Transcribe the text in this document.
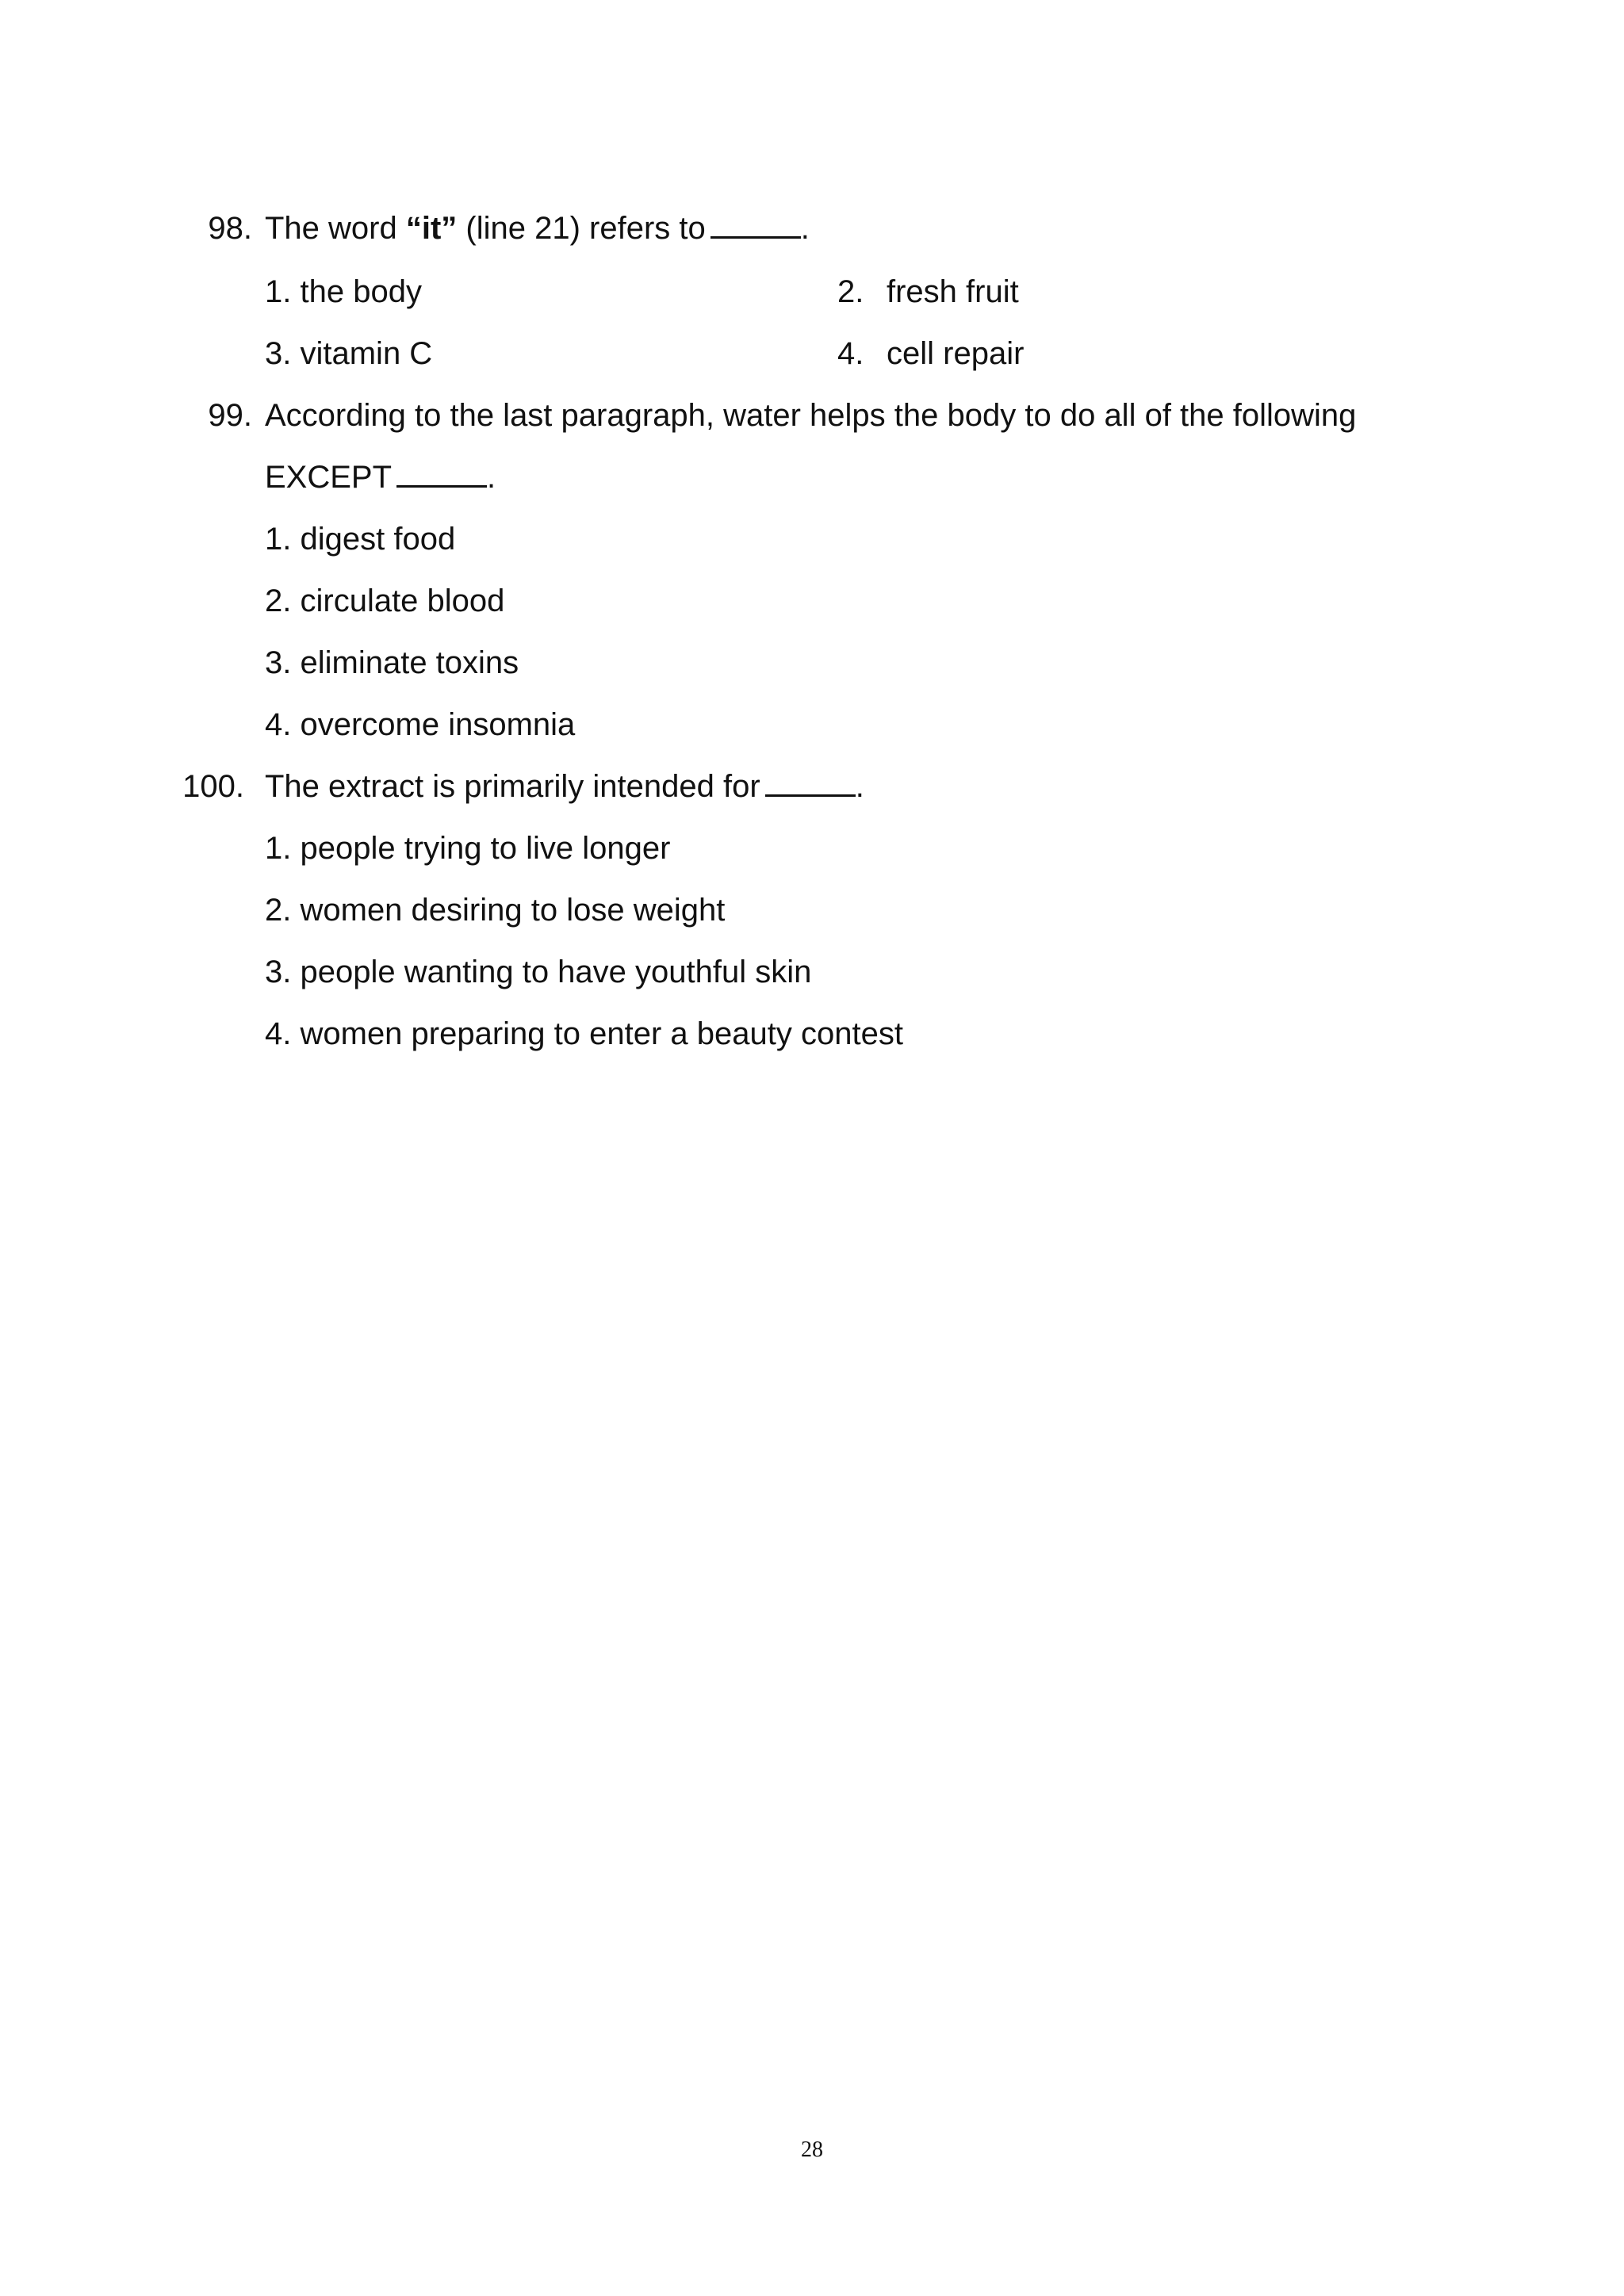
98. The word “it” (line 21) refers to	.
1. the body	2. fresh fruit
3. vitamin C	4. cell repair
99. According to the last paragraph, water helps the body to do all of the following
EXCEPT	.
1. digest food
2. circulate blood
3. eliminate toxins
4. overcome insomnia
100. The extract is primarily intended for	.
1. people trying to live longer
2. women desiring to lose weight
3. people wanting to have youthful skin
4. women preparing to enter a beauty contest
28
